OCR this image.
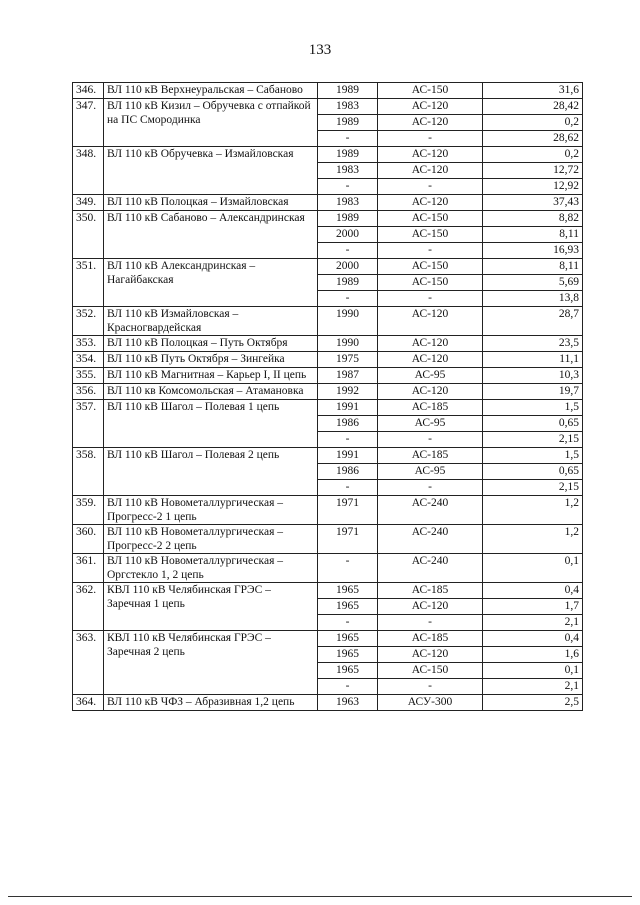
133
346.	ВЛ 110 кВ Верхнеуральская – Сабаново	1989	АС-150	31,6

347.	ВЛ 110 кВ Кизил – Обручевка с отпайкой на ПС Смородинка	1983	АС-120	28,42
		1989	АС-120	0,2
		-	-	28,62
348.	ВЛ 110 кВ Обручевка – Измайловская	1989	АС-120	0,2
		1983	АС-120	12,72
		-	-	12,92
349.	ВЛ 110 кВ Полоцкая – Измайловская	1983	АС-120	37,43

350.	ВЛ 110 кВ Сабаново – Александринская	1989	АС-150	8,82
		2000	АС-150	8,11
		-	-	16,93
351.	ВЛ 110 кВ Александринская – Нагайбакская	2000	АС-150	8,11
		1989	АС-150	5,69
		-	-	13,8
352.	ВЛ 110 кВ Измайловская – Красногвардейская	1990	АС-120	28,7

353.	ВЛ 110 кВ Полоцкая – Путь Октября	1990	АС-120	23,5

354.	ВЛ 110 кВ Путь Октября – Зингейка	1975	АС-120	11,1

355.	ВЛ 110 кВ Магнитная – Карьер I, II цепь	1987	АС-95	10,3

356.	ВЛ 110 кв Комсомольская – Атамановка	1992	АС-120	19,7

357.	ВЛ 110 кВ Шагол – Полевая 1 цепь	1991	АС-185	1,5
		1986	АС-95	0,65
		-	-	2,15
358.	ВЛ 110 кВ Шагол – Полевая 2 цепь	1991	АС-185	1,5
		1986	АС-95	0,65
		-	-	2,15
359.	ВЛ 110 кВ Новометаллургическая – Прогресс-2 1 цепь	1971	АС-240	1,2

360.	ВЛ 110 кВ Новометаллургическая – Прогресс-2 2 цепь	1971	АС-240	1,2

361.	ВЛ 110 кВ Новометаллургическая – Оргстекло 1, 2 цепь	-	АС-240	0,1

362.	КВЛ 110 кВ Челябинская ГРЭС – Заречная 1 цепь	1965	АС-185	0,4
		1965	АС-120	1,7
		-	-	2,1
363.	КВЛ 110 кВ Челябинская ГРЭС – Заречная 2 цепь	1965	АС-185	0,4
		1965	АС-120	1,6
		1965	АС-150	0,1
		-	-	2,1
364.	ВЛ 110 кВ ЧФЗ – Абразивная 1,2 цепь	1963	АСУ-300	2,5
